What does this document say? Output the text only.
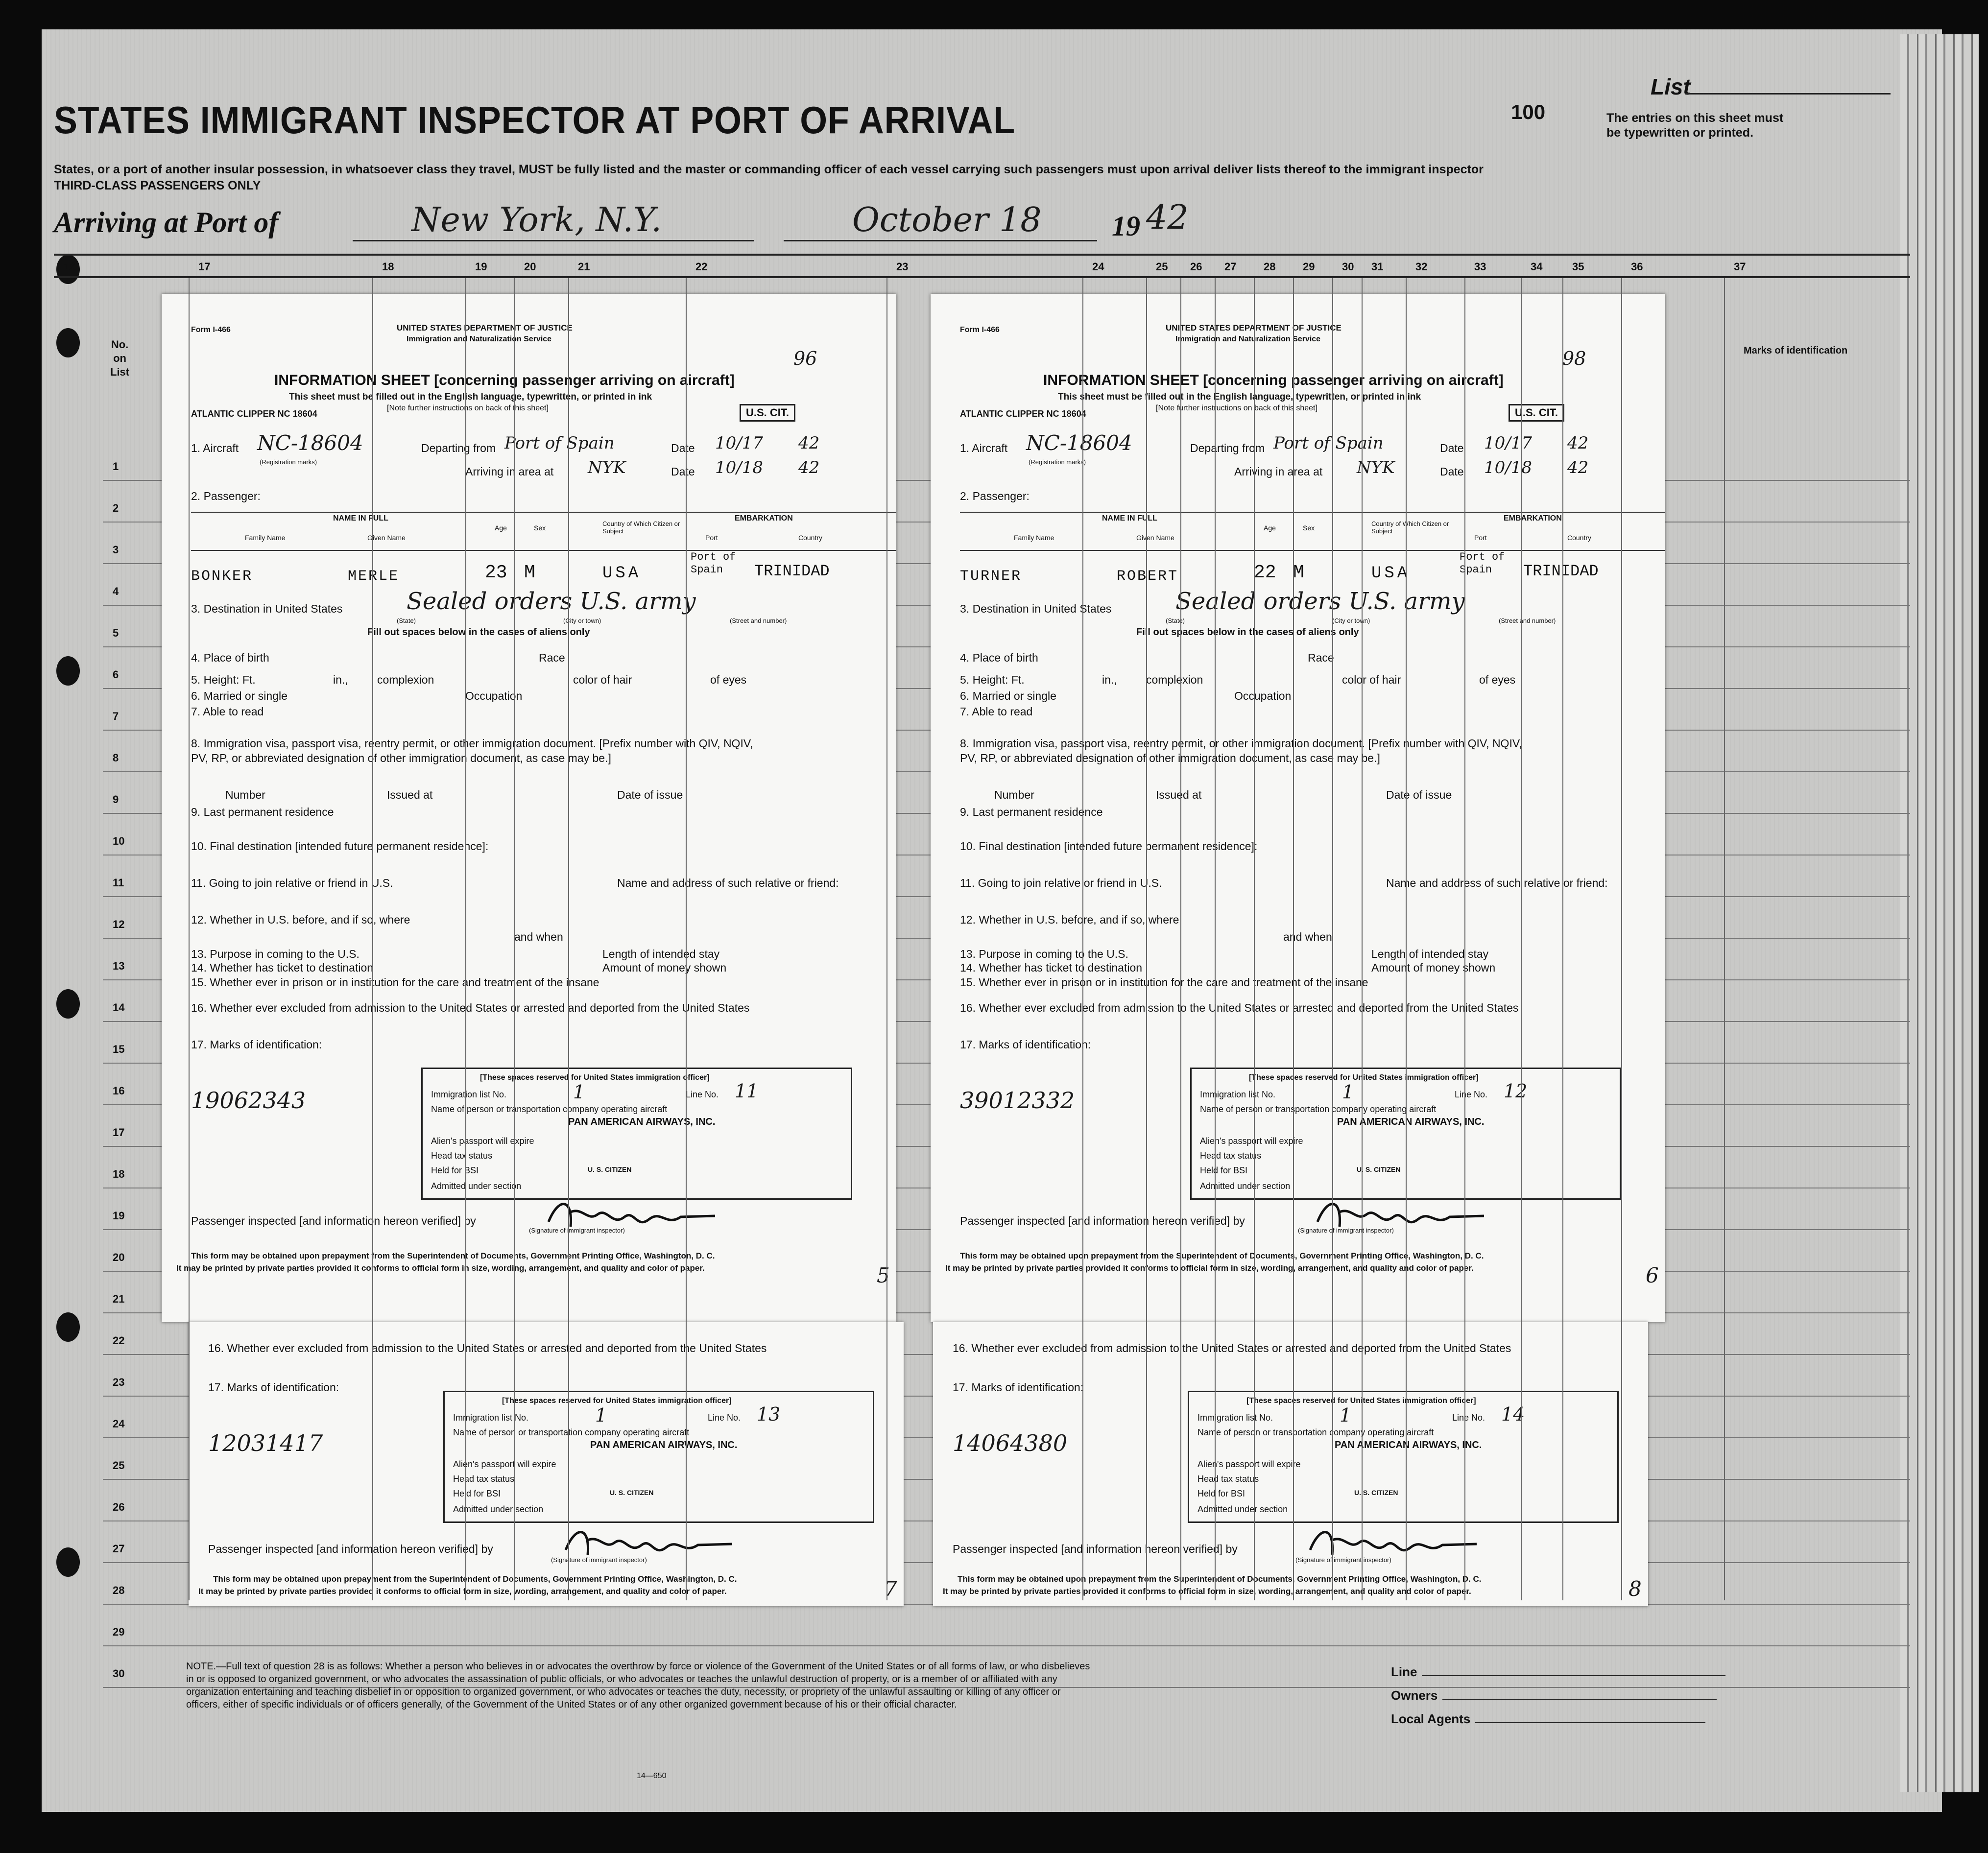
STATES IMMIGRANT INSPECTOR AT PORT OF ARRIVAL
List
100	The entries on this sheet must
be typewritten or printed.
States, or a port of another insular possession, in whatsoever class they travel, MUST be fully listed and the master or commanding officer of each vessel carrying such passengers must upon arrival deliver lists thereof to the immigrant inspector
THIRD-CLASS PASSENGERS ONLY
Arriving at Port of	New York, N.Y.	October 18 19 42
16	17	18	19	20	21	22	23	24	25 26 27	28	29	30 31	32	33	34	35	36	37
No.
on
List
Marks of identification
1
2
3
4
5
6
7
8
9
10
11
12
13
14
15
16
17
18
19
20
21
22
23
24
25
26
27
28
29
30
Form I-466	UNITED STATES DEPARTMENT OF JUSTICE
Immigration and Naturalization Service
96
INFORMATION SHEET [concerning passenger arriving on aircraft]
This sheet must be filled out in the English language, typewritten, or printed in ink
[Note further instructions on back of this sheet]
ATLANTIC CLIPPER NC 18604	U.S. CIT.
1. Aircraft NC-18604
(Registration marks)
Departing from Port of Spain	Date 10/17 42
Arriving in area at NYK	Date 10/18 42
2. Passenger:
NAME IN FULL
Family Name	Given Name
Age	Sex
Country of Which Citizen or Subject
EMBARKATION
Port	Country
BONKER	MERLE	23 M	USA
Port of Spain	TRINIDAD
3. Destination in United States	Sealed orders U.S. army
(State)	(City or town)	(Street and number)
Fill out spaces below in the cases of aliens only
4. Place of birth
5. Height: Ft.
6. Married or single
7. Able to read
8. Immigration visa, passport visa, reentry permit, or other immigration document. [Prefix number with QIV, NQIV,
PV, RP, or abbreviated designation of other immigration document, as case may be.]
9. Last permanent residence
10. Final destination [intended future permanent residence]:
11. Going to join relative or friend in U.S.
12. Whether in U.S. before, and if so, where
13. Purpose in coming to the U.S.
14. Whether has ticket to destination
15. Whether ever in prison or in institution for the care and treatment of the insane
16. Whether ever excluded from admission to the United States or arrested and deported from the United States
17. Marks of identification:
Race
in.,	complexion	color of hair	of eyes
Occupation
Number	Issued at	Date of issue
Name and address of such relative or friend:
and when
Length of intended stay
Amount of money shown
19062343
[These spaces reserved for United States immigration officer]
Immigration list No.	1	Line No. 11
Name of person or transportation company operating aircraft
PAN AMERICAN AIRWAYS, INC.
Alien's passport will expire
Head tax status
Held for BSI	U. S. CITIZEN
Admitted under section
Passenger inspected [and information hereon verified] by
(Signature of immigrant inspector)
This form may be obtained upon prepayment from the Superintendent of Documents, Government Printing Office, Washington, D. C.
It may be printed by private parties provided it conforms to official form in size, wording, arrangement, and quality and color of paper.	5
Form I-466	UNITED STATES DEPARTMENT OF JUSTICE
Immigration and Naturalization Service
98
INFORMATION SHEET [concerning passenger arriving on aircraft]
This sheet must be filled out in the English language, typewritten, or printed in ink
[Note further instructions on back of this sheet]
ATLANTIC CLIPPER NC 18604	U.S. CIT.
1. Aircraft NC-18604
(Registration marks)
Departing from Port of Spain	Date 10/17 42
Arriving in area at NYK	Date 10/18 42
2. Passenger:
NAME IN FULL
Family Name	Given Name
Age	Sex
Country of Which Citizen or Subject
EMBARKATION
Port	Country
TURNER	ROBERT	22 M	USA
Port of Spain	TRINIDAD
3. Destination in United States	Sealed orders U.S. army
(State)	(City or town)	(Street and number)
Fill out spaces below in the cases of aliens only
4. Place of birth
5. Height: Ft.
6. Married or single
7. Able to read
8. Immigration visa, passport visa, reentry permit, or other immigration document. [Prefix number with QIV, NQIV,
PV, RP, or abbreviated designation of other immigration document, as case may be.]
9. Last permanent residence
10. Final destination [intended future permanent residence]:
11. Going to join relative or friend in U.S.
12. Whether in U.S. before, and if so, where
13. Purpose in coming to the U.S.
14. Whether has ticket to destination
15. Whether ever in prison or in institution for the care and treatment of the insane
16. Whether ever excluded from admission to the United States or arrested and deported from the United States
17. Marks of identification:
Race
in.,	complexion	color of hair	of eyes
Occupation
Number	Issued at	Date of issue
Name and address of such relative or friend:
and when
Length of intended stay
Amount of money shown
39012332
[These spaces reserved for United States immigration officer]
Immigration list No.	1	Line No. 12
Name of person or transportation company operating aircraft
PAN AMERICAN AIRWAYS, INC.
Alien's passport will expire
Head tax status
Held for BSI	U. S. CITIZEN
Admitted under section
Passenger inspected [and information hereon verified] by
(Signature of immigrant inspector)
This form may be obtained upon prepayment from the Superintendent of Documents, Government Printing Office, Washington, D. C.
It may be printed by private parties provided it conforms to official form in size, wording, arrangement, and quality and color of paper.	6
16. Whether ever excluded from admission to the United States or arrested and deported from the United States
17. Marks of identification:
12031417
[These spaces reserved for United States immigration officer]
Immigration list No.	1	Line No. 13
Name of person or transportation company operating aircraft
PAN AMERICAN AIRWAYS, INC.
Alien's passport will expire
Head tax status
Held for BSI	U. S. CITIZEN
Admitted under section
Passenger inspected [and information hereon verified] by
(Signature of immigrant inspector)
This form may be obtained upon prepayment from the Superintendent of Documents, Government Printing Office, Washington, D. C.
It may be printed by private parties provided it conforms to official form in size, wording, arrangement, and quality and color of paper.	7
16. Whether ever excluded from admission to the United States or arrested and deported from the United States
17. Marks of identification:
14064380
[These spaces reserved for United States immigration officer]
Immigration list No.	1	Line No. 14
Name of person or transportation company operating aircraft
PAN AMERICAN AIRWAYS, INC.
Alien's passport will expire
Head tax status
Held for BSI	U. S. CITIZEN
Admitted under section
Passenger inspected [and information hereon verified] by
(Signature of immigrant inspector)
This form may be obtained upon prepayment from the Superintendent of Documents, Government Printing Office, Washington, D. C.
It may be printed by private parties provided it conforms to official form in size, wording, arrangement, and quality and color of paper.	8
NOTE.—Full text of question 28 is as follows: Whether a person who believes in or advocates the overthrow by force or violence of the Government of the United States or of all forms of law, or who disbelieves in or is opposed to organized government, or who advocates the assassination of public officials, or who advocates or teaches the unlawful destruction of property, or is a member of or affiliated with any organization entertaining and teaching disbelief in or opposition to organized government, or who advocates or teaches the duty, necessity, or propriety of the unlawful assaulting or killing of any officer or officers, either of specific individuals or of officers generally, of the Government of the United States or of any other organized government because of his or their official character.
14—650
Line
Owners
Local Agents
